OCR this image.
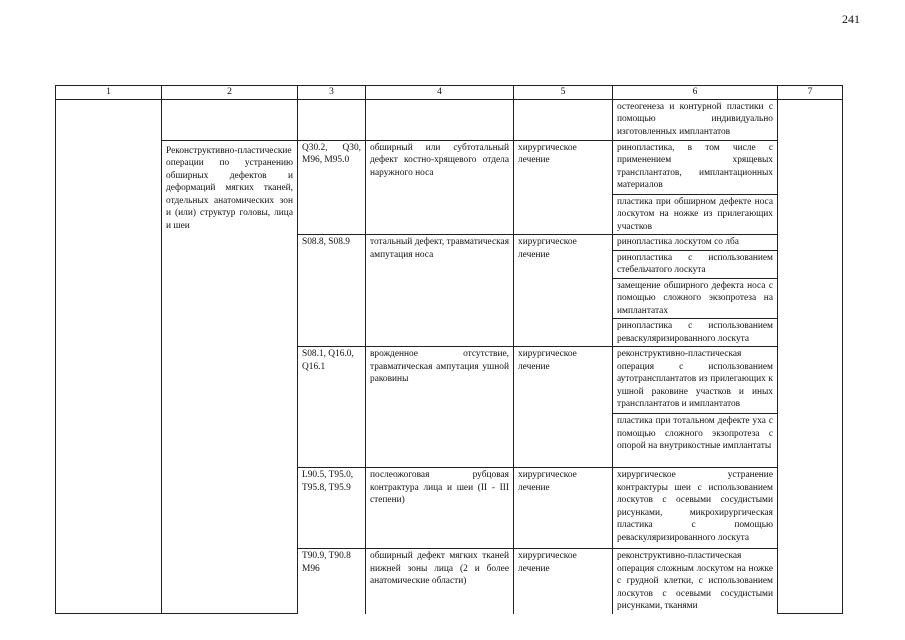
241
1	2	3	4	5	6	7
					остеогенеза и контурной пластики с помощью индивидуально изготовленных имплантатов	
	Реконструктивно-пластические операции по устранению обширных дефектов и деформаций мягких тканей, отдельных анатомических зон и (или) структур головы, лица и шеи	Q30.2, Q30, M96, M95.0	обширный или субтотальный дефект костно-хрящевого отдела наружного носа	хирургическое лечение	ринопластика, в том числе с применением хрящевых трансплантатов, имплантационных материалов	
					пластика при обширном дефекте носа лоскутом на ножке из прилегающих участков	
		S08.8, S08.9	тотальный дефект, травматическая ампутация носа	хирургическое лечение	ринопластика лоскутом со лба	
					ринопластика с использованием стебельчатого лоскута	
					замещение обширного дефекта носа с помощью сложного экзопротеза на имплантатах	
					ринопластика с использованием реваскуляризированного лоскута	
		S08.1, Q16.0, Q16.1	врожденное отсутствие, травматическая ампутация ушной раковины	хирургическое лечение	реконструктивно-пластическая операция с использованием аутотрансплантатов из прилегающих к ушной раковине участков и иных трансплантатов и имплантатов	
					пластика при тотальном дефекте уха с помощью сложного экзопротеза с опорой на внутрикостные имплантаты	
		L90.5, T95.0, T95.8, T95.9	послеожоговая рубцовая контрактура лица и шеи (II - III степени)	хирургическое лечение	хирургическое устранение контрактуры шеи с использованием лоскутов с осевыми сосудистыми рисунками, микрохирургическая пластика с помощью реваскуляризированного лоскута	
		T90.9, T90.8 M96	обширный дефект мягких тканей нижней зоны лица (2 и более анатомические области)	хирургическое лечение	реконструктивно-пластическая операция сложным лоскутом на ножке с грудной клетки, с использованием лоскутов с осевыми сосудистыми рисунками, тканями	
